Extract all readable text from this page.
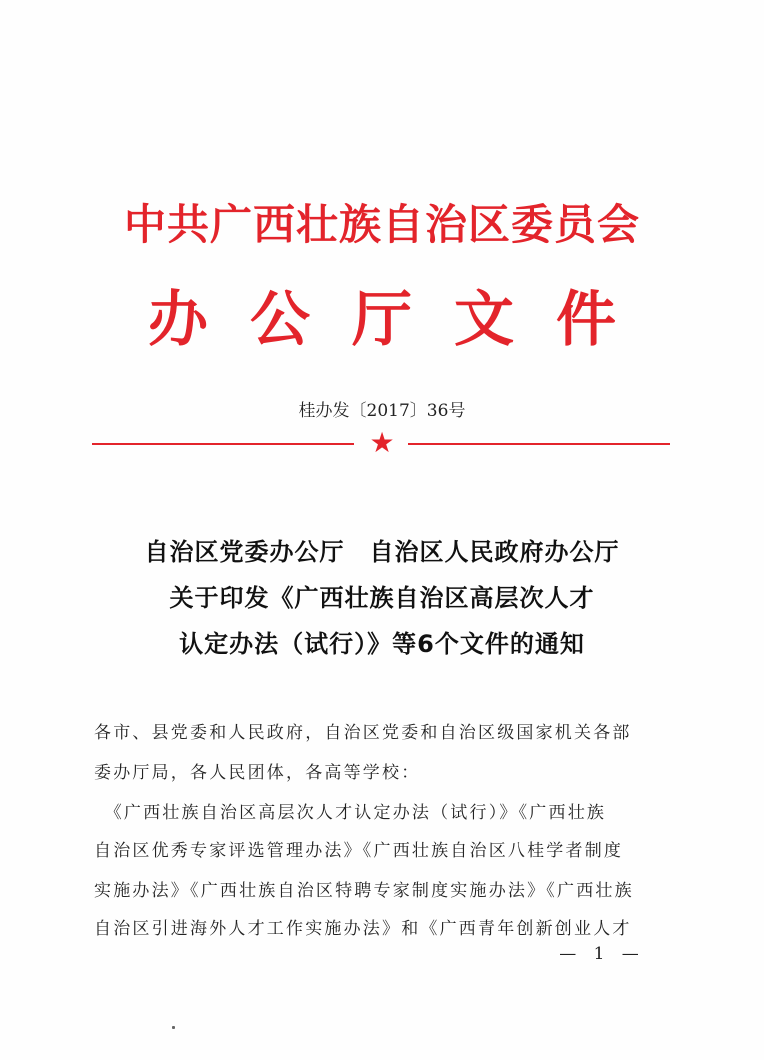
中共广西壮族自治区委员会
办公厅文件
桂办发〔2017〕36号
★
自治区党委办公厅　自治区人民政府办公厅
关于印发《广西壮族自治区高层次人才
认定办法（试行）》等6个文件的通知
各市、县党委和人民政府，自治区党委和自治区级国家机关各部
委办厅局，各人民团体，各高等学校：
　《广西壮族自治区高层次人才认定办法（试行）》《广西壮族
自治区优秀专家评选管理办法》《广西壮族自治区八桂学者制度
实施办法》《广西壮族自治区特聘专家制度实施办法》《广西壮族
自治区引进海外人才工作实施办法》和《广西青年创新创业人才
— 1 —
